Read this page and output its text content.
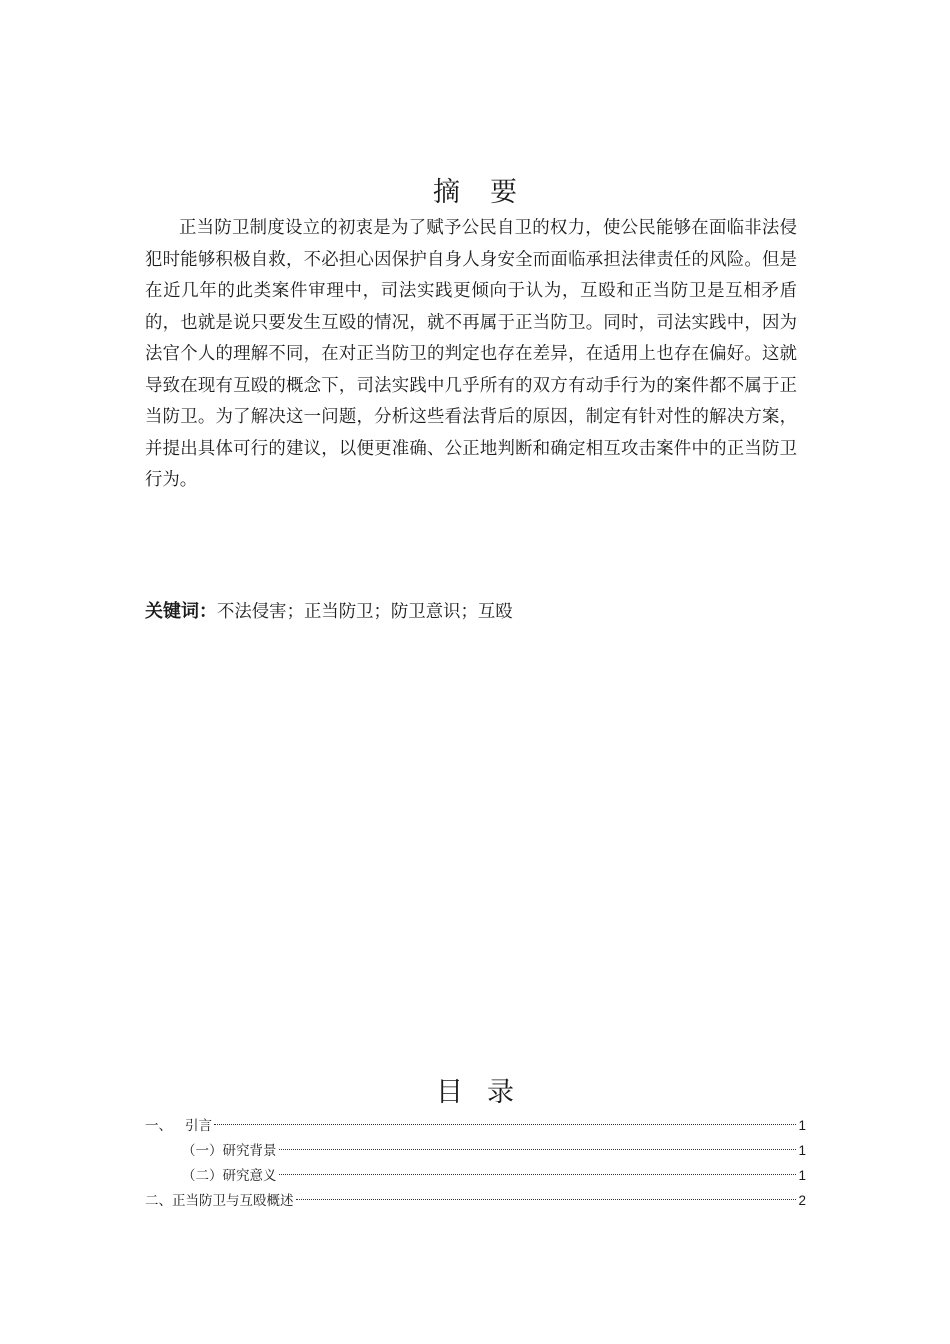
摘要

正当防卫制度设立的初衷是为了赋予公民自卫的权力，使公民能够在面临非法侵犯时能够积极自救，不必担心因保护自身人身安全而面临承担法律责任的风险。但是在近几年的此类案件审理中，司法实践更倾向于认为，互殴和正当防卫是互相矛盾的，也就是说只要发生互殴的情况，就不再属于正当防卫。同时，司法实践中，因为法官个人的理解不同，在对正当防卫的判定也存在差异，在适用上也存在偏好。这就导致在现有互殴的概念下，司法实践中几乎所有的双方有动手行为的案件都不属于正当防卫。为了解决这一问题，分析这些看法背后的原因，制定有针对性的解决方案，并提出具体可行的建议，以便更准确、公正地判断和确定相互攻击案件中的正当防卫行为。

关键词：不法侵害；正当防卫；防卫意识；互殴
目录
一、 引言	1
（一）研究背景	1
（二）研究意义	1
二、正当防卫与互殴概述	2
